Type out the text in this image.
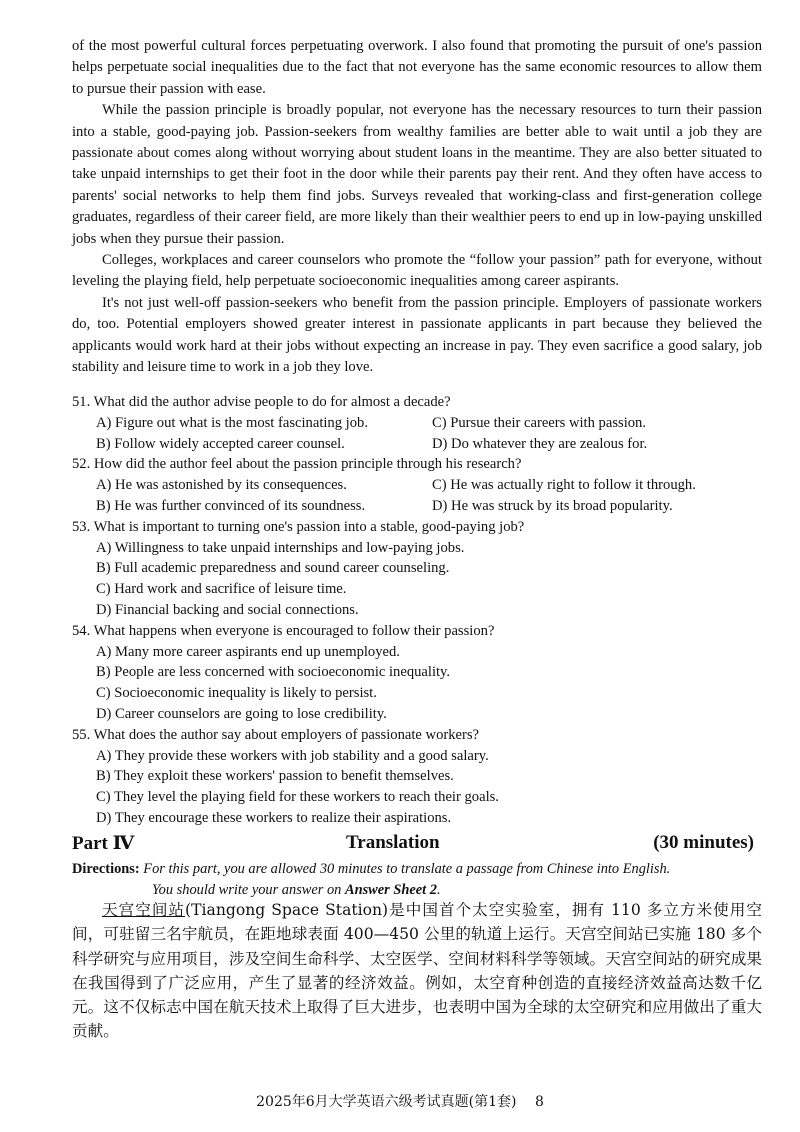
of the most powerful cultural forces perpetuating overwork. I also found that promoting the pursuit of one's passion helps perpetuate social inequalities due to the fact that not everyone has the same economic resources to allow them to pursue their passion with ease.

While the passion principle is broadly popular, not everyone has the necessary resources to turn their passion into a stable, good-paying job. Passion-seekers from wealthy families are better able to wait until a job they are passionate about comes along without worrying about student loans in the meantime. They are also better situated to take unpaid internships to get their foot in the door while their parents pay their rent. And they often have access to parents' social networks to help them find jobs. Surveys revealed that working-class and first-generation college graduates, regardless of their career field, are more likely than their wealthier peers to end up in low-paying unskilled jobs when they pursue their passion.

Colleges, workplaces and career counselors who promote the “follow your passion” path for everyone, without leveling the playing field, help perpetuate socioeconomic inequalities among career aspirants.

It's not just well-off passion-seekers who benefit from the passion principle. Employers of passionate workers do, too. Potential employers showed greater interest in passionate applicants in part because they believed the applicants would work hard at their jobs without expecting an increase in pay. They even sacrifice a good salary, job stability and leisure time to work in a job they love.

51. What did the author advise people to do for almost a decade?
A) Figure out what is the most fascinating job.	C) Pursue their careers with passion.
B) Follow widely accepted career counsel.	D) Do whatever they are zealous for.
52. How did the author feel about the passion principle through his research?
A) He was astonished by its consequences.	C) He was actually right to follow it through.
B) He was further convinced of its soundness.	D) He was struck by its broad popularity.
53. What is important to turning one's passion into a stable, good-paying job?
A) Willingness to take unpaid internships and low-paying jobs.
B) Full academic preparedness and sound career counseling.
C) Hard work and sacrifice of leisure time.
D) Financial backing and social connections.
54. What happens when everyone is encouraged to follow their passion?
A) Many more career aspirants end up unemployed.
B) People are less concerned with socioeconomic inequality.
C) Socioeconomic inequality is likely to persist.
D) Career counselors are going to lose credibility.
55. What does the author say about employers of passionate workers?
A) They provide these workers with job stability and a good salary.
B) They exploit these workers' passion to benefit themselves.
C) They level the playing field for these workers to reach their goals.
D) They encourage these workers to realize their aspirations.
Part Ⅳ	Translation	(30 minutes)
Directions: For this part, you are allowed 30 minutes to translate a passage from Chinese into English.
You should write your answer on Answer Sheet 2.
天宫空间站(Tiangong Space Station)是中国首个太空实验室，拥有 110 多立方米使用空间，可驻留三名宇航员，在距地球表面 400—450 公里的轨道上运行。天宫空间站已实施 180 多个科学研究与应用项目，涉及空间生命科学、太空医学、空间材料科学等领域。天宫空间站的研究成果在我国得到了广泛应用，产生了显著的经济效益。例如，太空育种创造的直接经济效益高达数千亿元。这不仅标志中国在航天技术上取得了巨大进步，也表明中国为全球的太空研究和应用做出了重大贡献。
2025年6月大学英语六级考试真题(第1套)　 8
